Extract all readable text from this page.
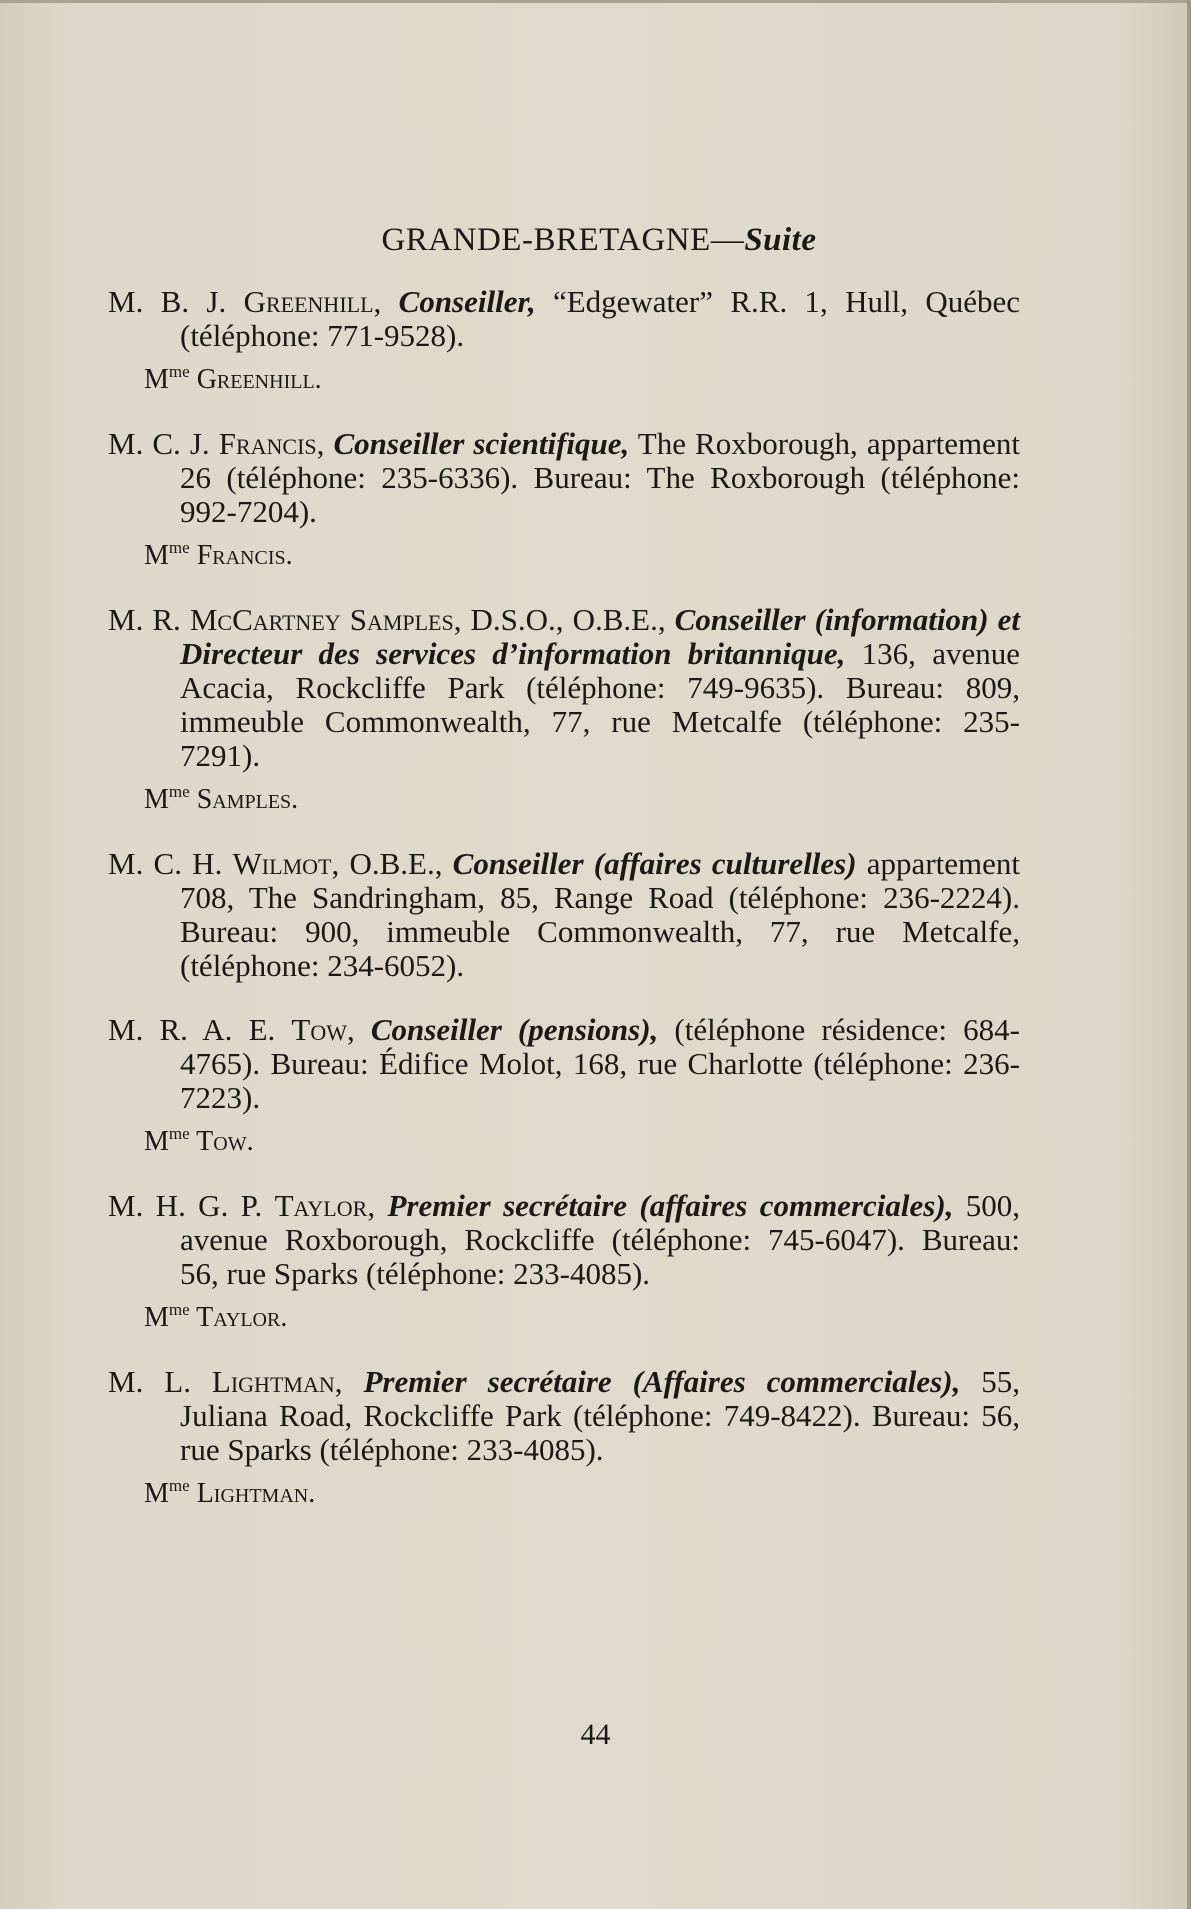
GRANDE-BRETAGNE—Suite
M. B. J. Greenhill, Conseiller, “Edgewater” R.R. 1, Hull, Québec (téléphone: 771-9528).
$M^{me}$ Greenhill.
M. C. J. Francis, Conseiller scientifique, The Roxborough, appartement 26 (téléphone: 235-6336). Bureau: The Roxborough (téléphone: 992-7204).
$M^{me}$ Francis.
M. R. McCartney Samples, D.S.O., O.B.E., Conseiller (information) et Directeur des services d’information britannique, 136, avenue Acacia, Rockcliffe Park (téléphone: 749-9635). Bureau: 809, immeuble Commonwealth, 77, rue Metcalfe (téléphone: 235-7291).
$M^{me}$ Samples.
M. C. H. Wilmot, O.B.E., Conseiller (affaires culturelles) appartement 708, The Sandringham, 85, Range Road (téléphone: 236-2224). Bureau: 900, immeuble Commonwealth, 77, rue Metcalfe, (téléphone: 234-6052).
M. R. A. E. Tow, Conseiller (pensions), (téléphone résidence: 684-4765). Bureau: Édifice Molot, 168, rue Charlotte (téléphone: 236-7223).
$M^{me}$ Tow.
M. H. G. P. Taylor, Premier secrétaire (affaires commerciales), 500, avenue Roxborough, Rockcliffe (téléphone: 745-6047). Bureau: 56, rue Sparks (téléphone: 233-4085).
$M^{me}$ Taylor.
M. L. Lightman, Premier secrétaire (Affaires commerciales), 55, Juliana Road, Rockcliffe Park (téléphone: 749-8422). Bureau: 56, rue Sparks (téléphone: 233-4085).
$M^{me}$ Lightman.
44
